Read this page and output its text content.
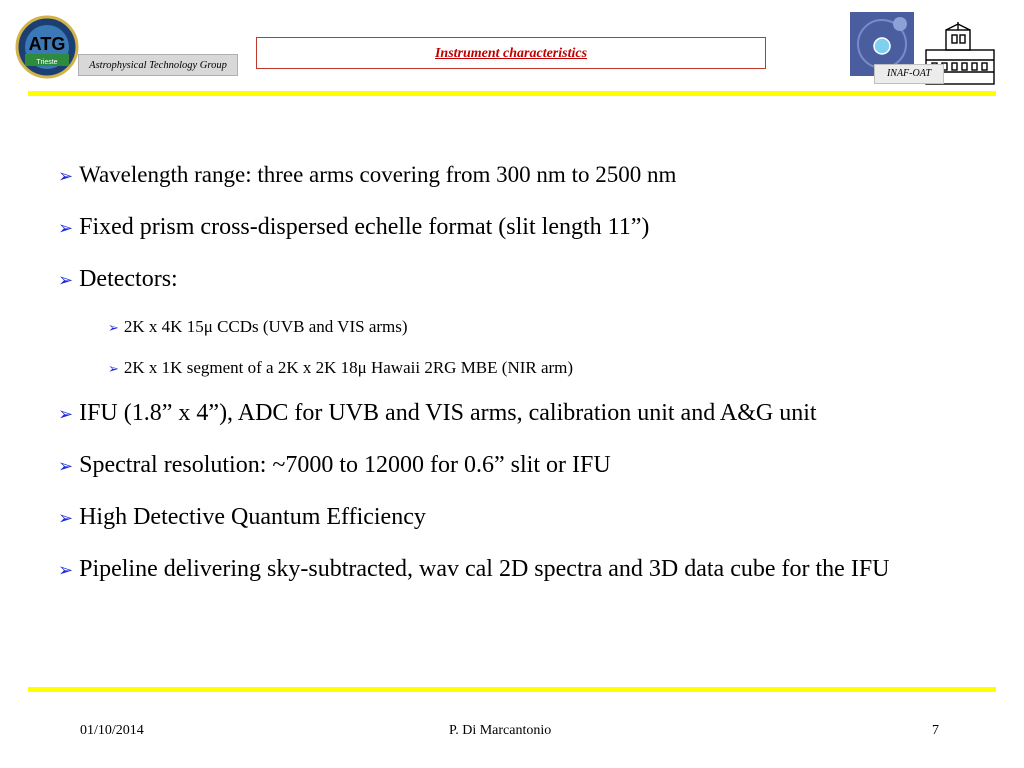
ATG
Trieste	Astrophysical Technology Group
Instrument characteristics
INAF-OAT
➢ Wavelength range: three arms covering from 300 nm to 2500 nm
➢ Fixed prism cross-dispersed echelle format (slit length 11”)
➢ Detectors:
➢ 2K x 4K 15μ CCDs (UVB and VIS arms)
➢ 2K x 1K segment of a 2K x 2K 18μ Hawaii 2RG MBE (NIR arm)
➢ IFU (1.8” x 4”), ADC for UVB and VIS arms, calibration unit and A&G unit
➢ Spectral resolution: ~7000 to 12000 for 0.6” slit or IFU
➢ High Detective Quantum Efficiency
➢ Pipeline delivering sky-subtracted, wav cal 2D spectra and 3D data cube for the IFU
01/10/2014	P. Di Marcantonio	7
